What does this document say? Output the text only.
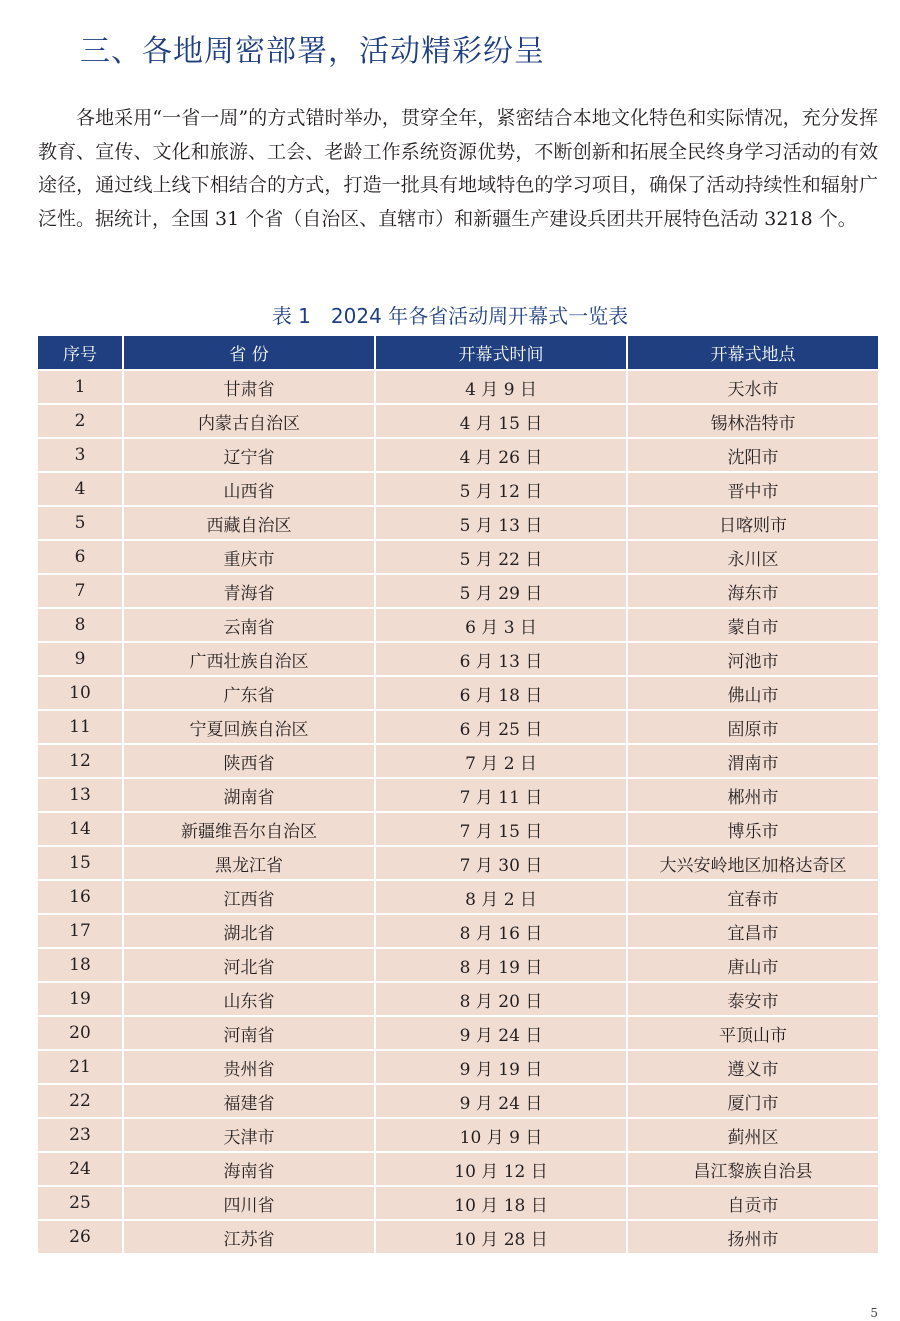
三、各地周密部署，活动精彩纷呈

各地采用“一省一周”的方式错时举办，贯穿全年，紧密结合本地文化特色和实际情况，充分发挥教育、宣传、文化和旅游、工会、老龄工作系统资源优势，不断创新和拓展全民终身学习活动的有效途径，通过线上线下相结合的方式，打造一批具有地域特色的学习项目，确保了活动持续性和辐射广泛性。据统计，全国 31 个省（自治区、直辖市）和新疆生产建设兵团共开展特色活动 3218 个。

表 1　2024 年各省活动周开幕式一览表
序号	省 份	开幕式时间	开幕式地点
1	甘肃省	4 月 9 日	天水市
2	内蒙古自治区	4 月 15 日	锡林浩特市
3	辽宁省	4 月 26 日	沈阳市
4	山西省	5 月 12 日	晋中市
5	西藏自治区	5 月 13 日	日喀则市
6	重庆市	5 月 22 日	永川区
7	青海省	5 月 29 日	海东市
8	云南省	6 月 3 日	蒙自市
9	广西壮族自治区	6 月 13 日	河池市
10	广东省	6 月 18 日	佛山市
11	宁夏回族自治区	6 月 25 日	固原市
12	陕西省	7 月 2 日	渭南市
13	湖南省	7 月 11 日	郴州市
14	新疆维吾尔自治区	7 月 15 日	博乐市
15	黑龙江省	7 月 30 日	大兴安岭地区加格达奇区
16	江西省	8 月 2 日	宜春市
17	湖北省	8 月 16 日	宜昌市
18	河北省	8 月 19 日	唐山市
19	山东省	8 月 20 日	泰安市
20	河南省	9 月 24 日	平顶山市
21	贵州省	9 月 19 日	遵义市
22	福建省	9 月 24 日	厦门市
23	天津市	10 月 9 日	蓟州区
24	海南省	10 月 12 日	昌江黎族自治县
25	四川省	10 月 18 日	自贡市
26	江苏省	10 月 28 日	扬州市
5
